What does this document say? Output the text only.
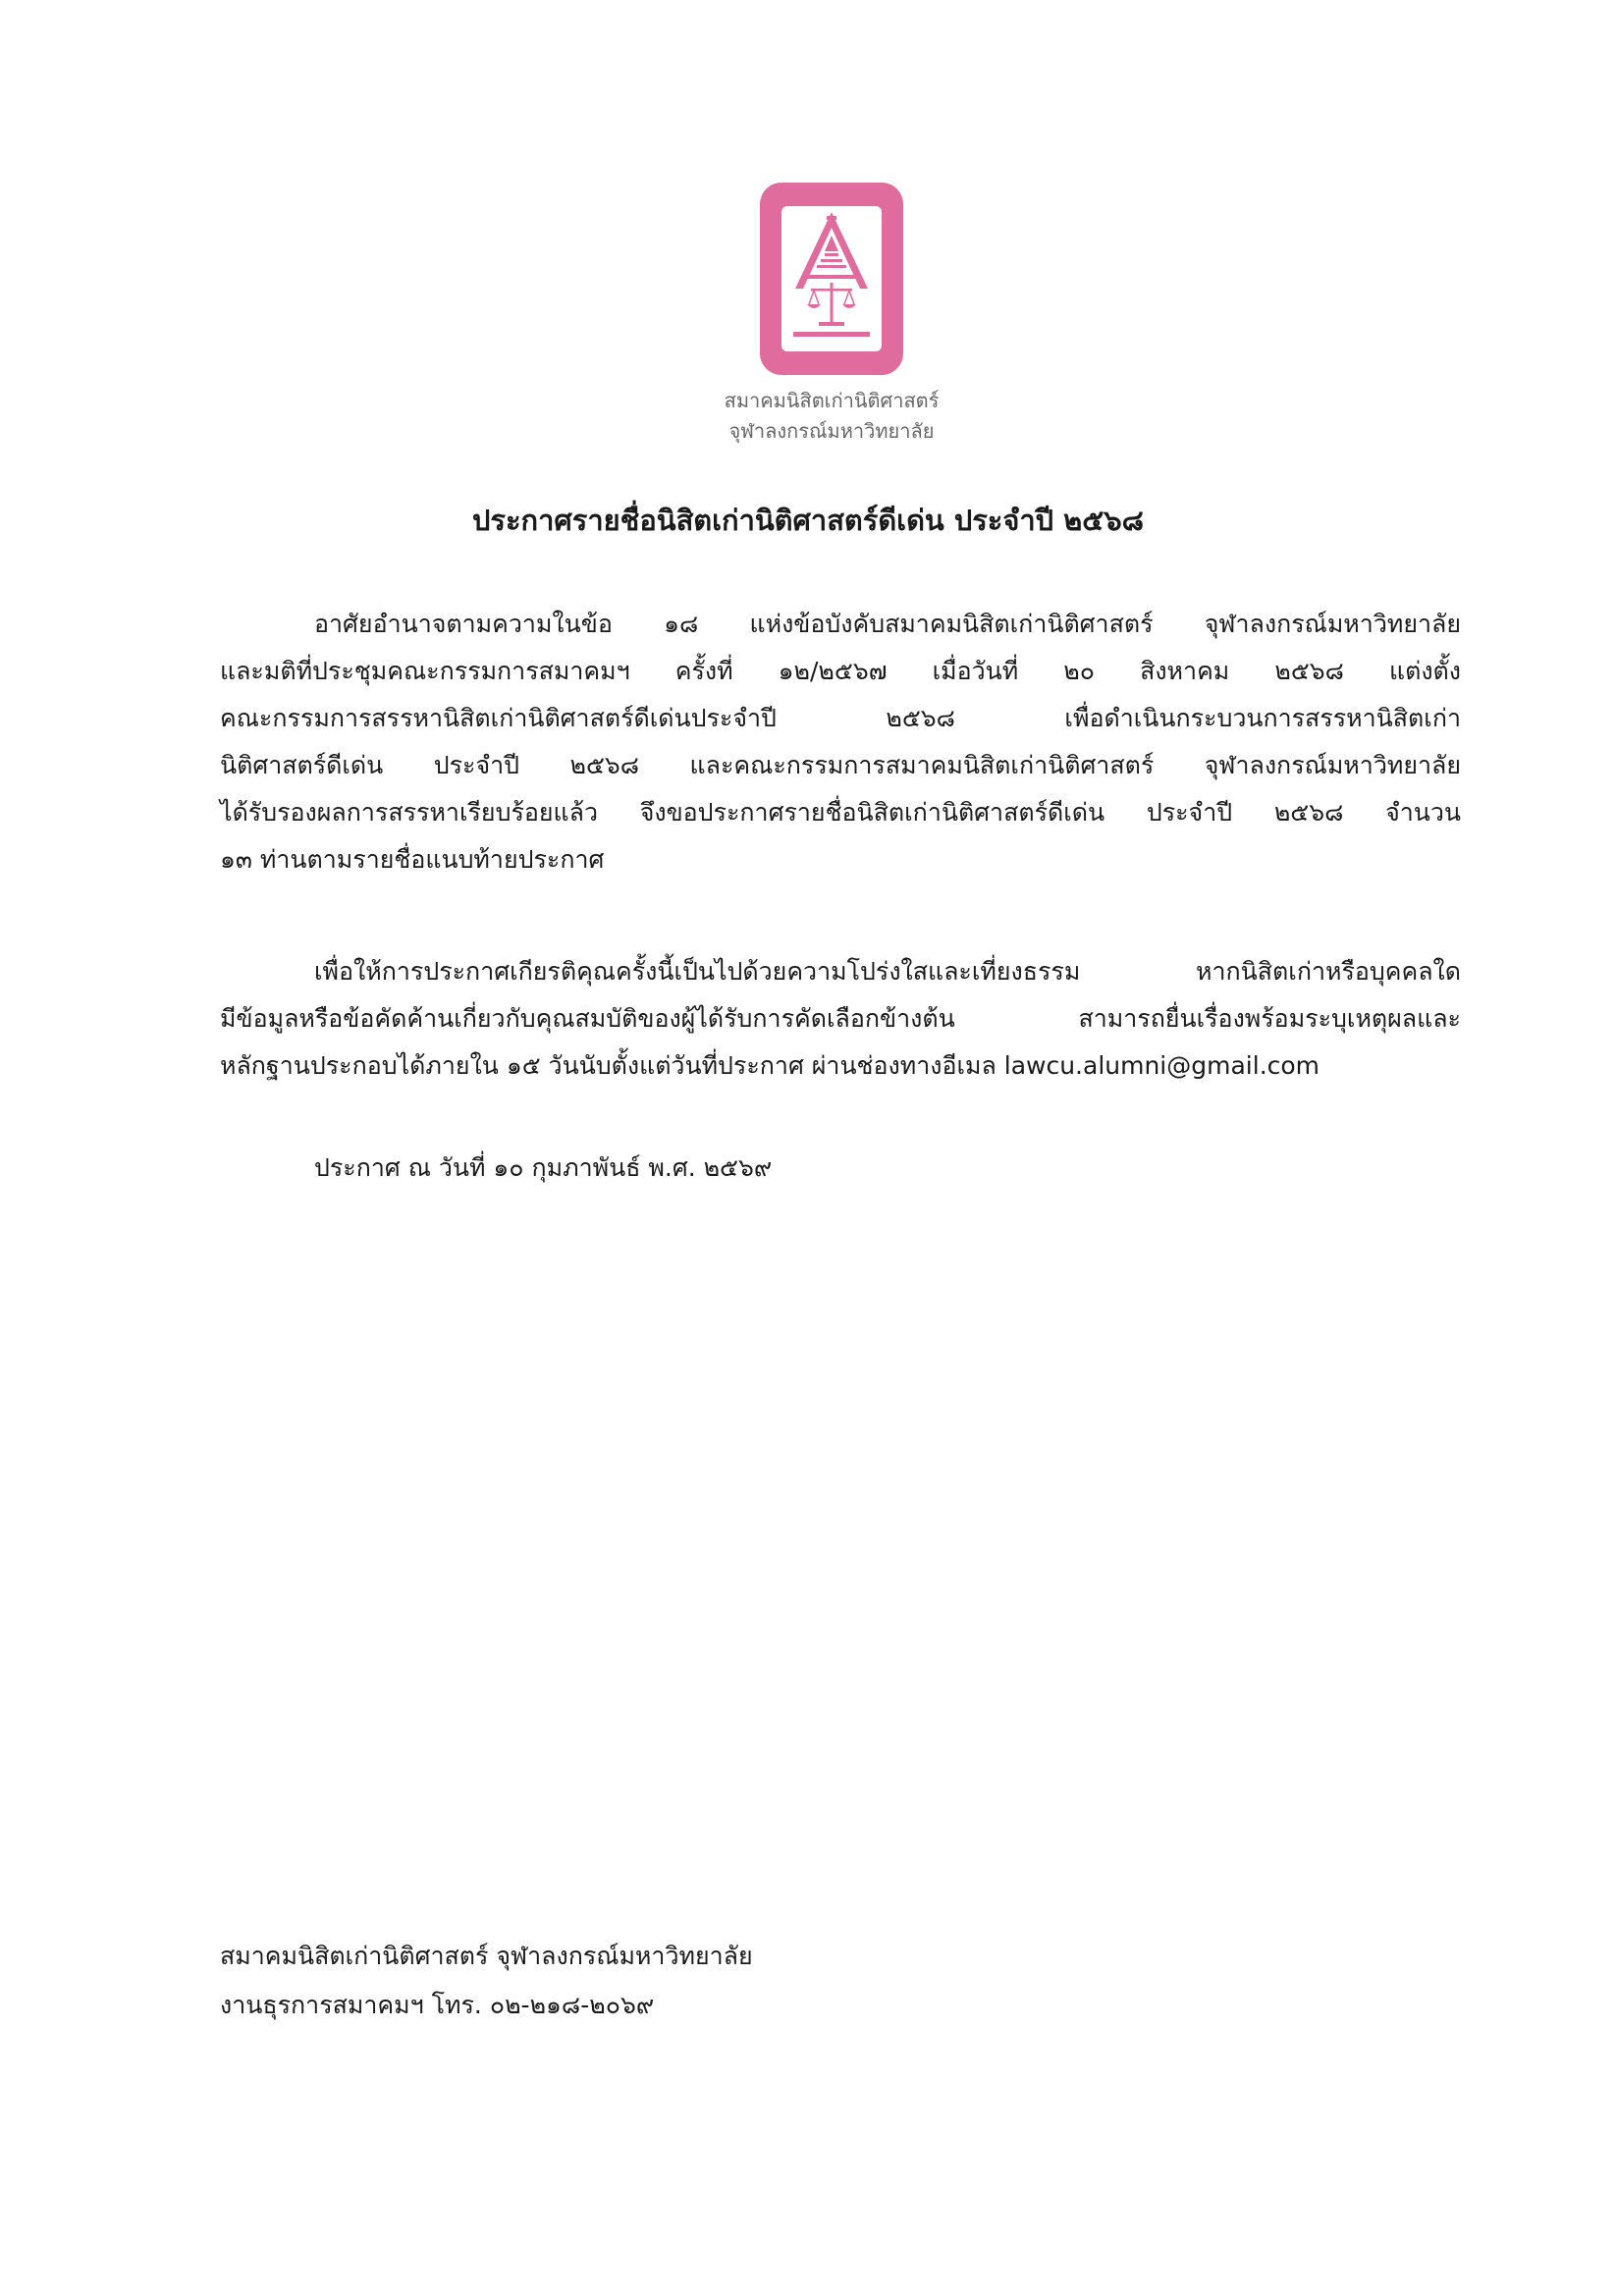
สมาคมนิสิตเก่านิติศาสตร์
จุฬาลงกรณ์มหาวิทยาลัย
ประกาศรายชื่อนิสิตเก่านิติศาสตร์ดีเด่น ประจำปี ๒๕๖๘
อาศัยอำนาจตามความในข้อ ๑๘ แห่งข้อบังคับสมาคมนิสิตเก่านิติศาสตร์ จุฬาลงกรณ์มหาวิทยาลัย
และมติที่ประชุมคณะกรรมการสมาคมฯ ครั้งที่ ๑๒/๒๕๖๗ เมื่อวันที่ ๒๐ สิงหาคม ๒๕๖๘ แต่งตั้ง
คณะกรรมการสรรหานิสิตเก่านิติศาสตร์ดีเด่นประจำปี ๒๕๖๘ เพื่อดำเนินกระบวนการสรรหานิสิตเก่า
นิติศาสตร์ดีเด่น ประจำปี ๒๕๖๘ และคณะกรรมการสมาคมนิสิตเก่านิติศาสตร์ จุฬาลงกรณ์มหาวิทยาลัย
ได้รับรองผลการสรรหาเรียบร้อยแล้ว จึงขอประกาศรายชื่อนิสิตเก่านิติศาสตร์ดีเด่น ประจำปี ๒๕๖๘ จำนวน
๑๓ ท่านตามรายชื่อแนบท้ายประกาศ
เพื่อให้การประกาศเกียรติคุณครั้งนี้เป็นไปด้วยความโปร่งใสและเที่ยงธรรม หากนิสิตเก่าหรือบุคคลใด
มีข้อมูลหรือข้อคัดค้านเกี่ยวกับคุณสมบัติของผู้ได้รับการคัดเลือกข้างต้น สามารถยื่นเรื่องพร้อมระบุเหตุผลและ
หลักฐานประกอบได้ภายใน ๑๕ วันนับตั้งแต่วันที่ประกาศ ผ่านช่องทางอีเมล lawcu.alumni@gmail.com
ประกาศ ณ วันที่ ๑๐ กุมภาพันธ์ พ.ศ. ๒๕๖๙
สมาคมนิสิตเก่านิติศาสตร์ จุฬาลงกรณ์มหาวิทยาลัย
งานธุรการสมาคมฯ โทร. ๐๒-๒๑๘-๒๐๖๙
